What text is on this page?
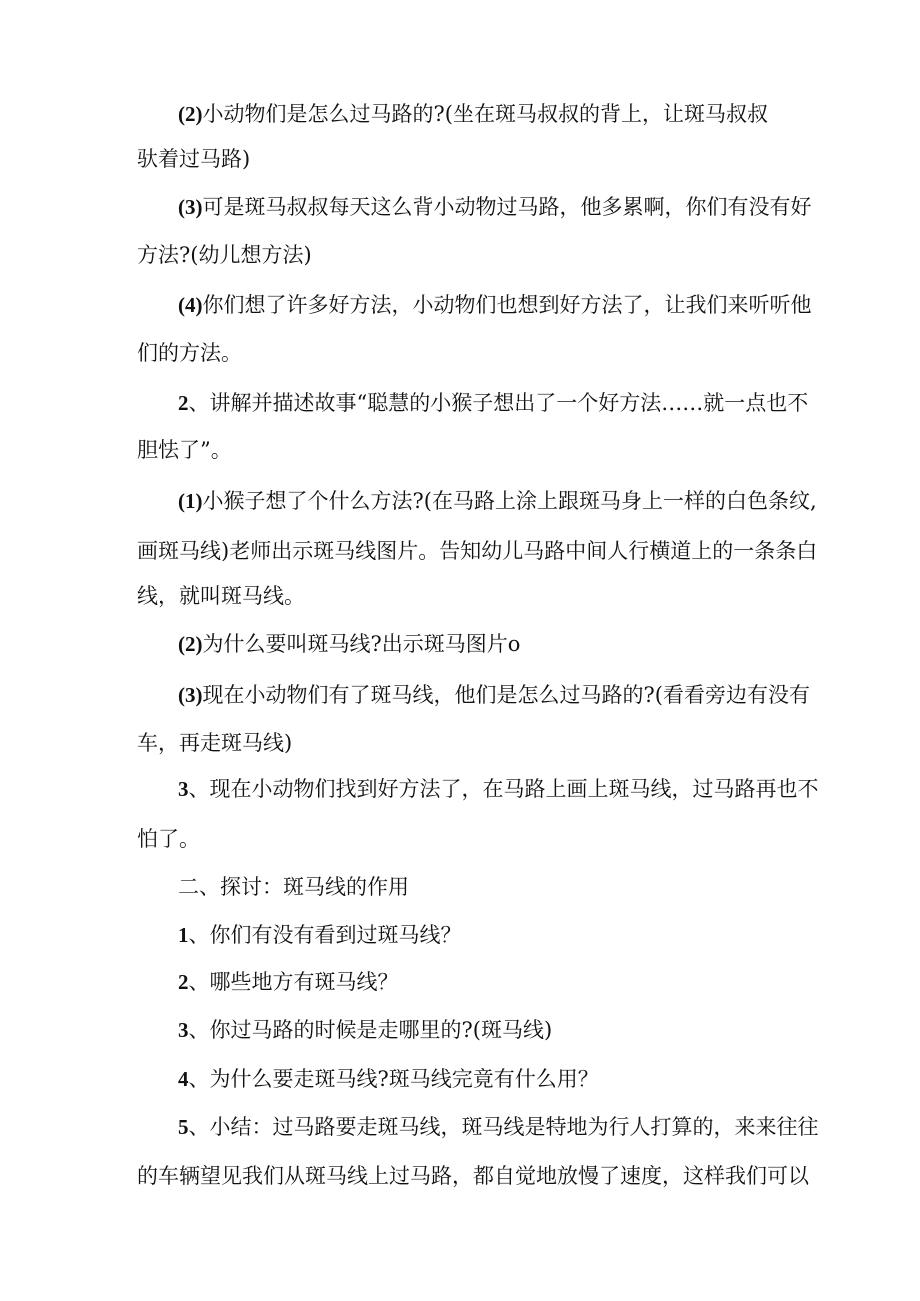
(2)小动物们是怎么过马路的?(坐在斑马叔叔的背上，让斑马叔叔
驮着过马路)
(3)可是斑马叔叔每天这么背小动物过马路，他多累啊，你们有没有好
方法?(幼儿想方法)
(4)你们想了许多好方法，小动物们也想到好方法了，让我们来听听他
们的方法。
2、讲解并描述故事“聪慧的小猴子想出了一个好方法……就一点也不
胆怯了”。
(1)小猴子想了个什么方法?(在马路上涂上跟斑马身上一样的白色条纹,
画斑马线)老师出示斑马线图片。告知幼儿马路中间人行横道上的一条条白
线，就叫斑马线。
(2)为什么要叫斑马线?出示斑马图片o
(3)现在小动物们有了斑马线，他们是怎么过马路的?(看看旁边有没有
车，再走斑马线)
3、现在小动物们找到好方法了，在马路上画上斑马线，过马路再也不
怕了。
二、探讨：斑马线的作用
1、你们有没有看到过斑马线？
2、哪些地方有斑马线？
3、你过马路的时候是走哪里的?(斑马线)
4、为什么要走斑马线?斑马线完竟有什么用？
5、小结：过马路要走斑马线，斑马线是特地为行人打算的，来来往往
的车辆望见我们从斑马线上过马路，都自觉地放慢了速度，这样我们可以
